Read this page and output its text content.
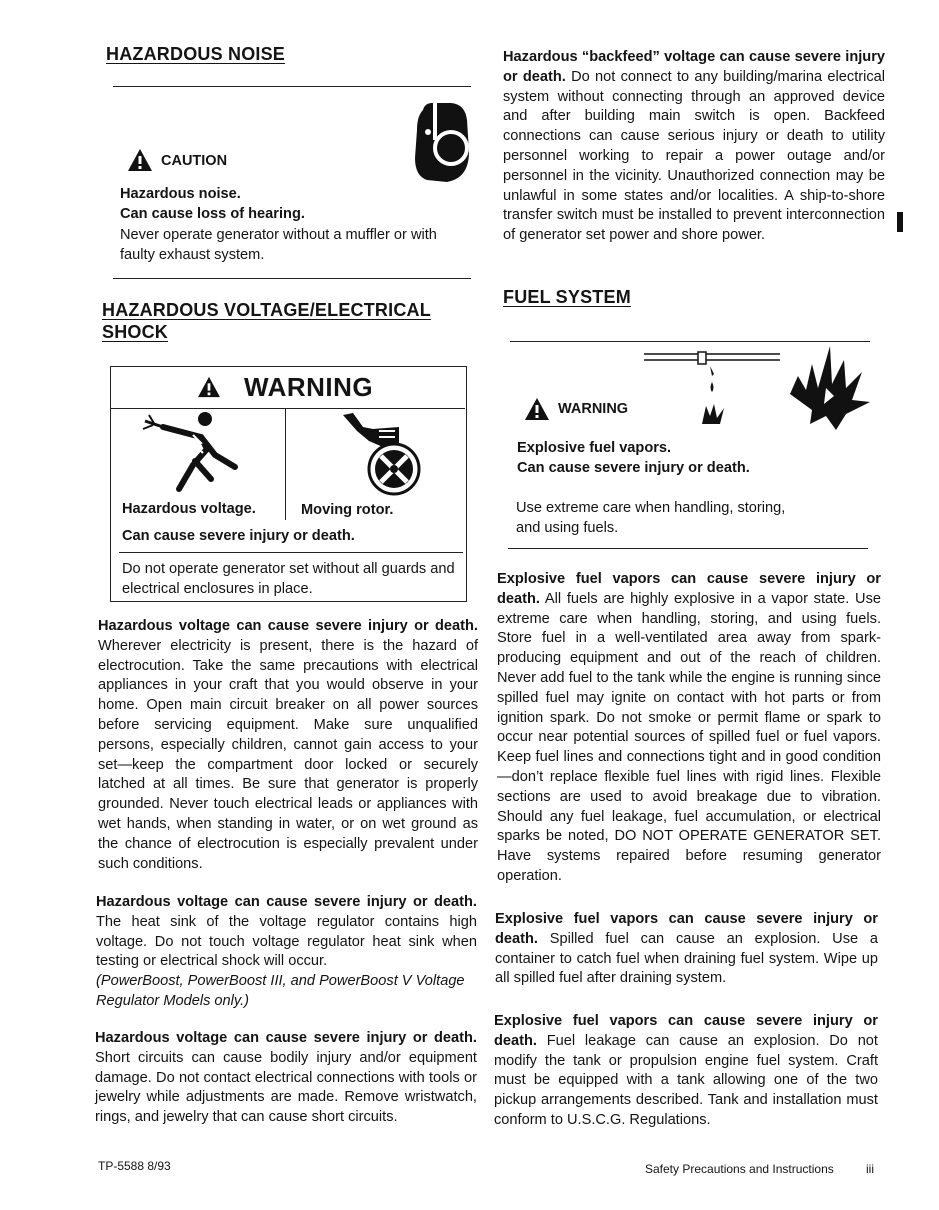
HAZARDOUS NOISE
CAUTION
Hazardous noise.
Can cause loss of hearing.
Never operate generator without a muffler or with faulty exhaust system.
HAZARDOUS VOLTAGE/ELECTRICAL
SHOCK
WARNING
Hazardous voltage.	Moving rotor.
Can cause severe injury or death.
Do not operate generator set without all guards and electrical enclosures in place.
Hazardous voltage can cause severe injury or death. Wherever electricity is present, there is the hazard of electrocution. Take the same precautions with electrical appliances in your craft that you would observe in your home. Open main circuit breaker on all power sources before servicing equipment. Make sure unqualified persons, especially children, cannot gain access to your set—keep the compartment door locked or securely latched at all times. Be sure that generator is properly grounded. Never touch electrical leads or appliances with wet hands, when standing in water, or on wet ground as the chance of electrocution is especially prevalent under such conditions.
Hazardous voltage can cause severe injury or death. The heat sink of the voltage regulator contains high voltage. Do not touch voltage regulator heat sink when testing or electrical shock will occur.
(PowerBoost, PowerBoost III, and PowerBoost V Voltage Regulator Models only.)
Hazardous voltage can cause severe injury or death. Short circuits can cause bodily injury and/or equipment damage. Do not contact electrical connections with tools or jewelry while adjustments are made. Remove wristwatch, rings, and jewelry that can cause short circuits.
Hazardous “backfeed” voltage can cause severe injury or death. Do not connect to any building/marina electrical system without connecting through an approved device and after building main switch is open. Backfeed connections can cause serious injury or death to utility personnel working to repair a power outage and/or personnel in the vicinity. Unauthorized connection may be unlawful in some states and/or localities. A ship-to-shore transfer switch must be installed to prevent interconnection of generator set power and shore power.
FUEL SYSTEM
WARNING
Explosive fuel vapors.
Can cause severe injury or death.
Use extreme care when handling, storing, and using fuels.
Explosive fuel vapors can cause severe injury or death. All fuels are highly explosive in a vapor state. Use extreme care when handling, storing, and using fuels. Store fuel in a well-ventilated area away from spark-producing equipment and out of the reach of children. Never add fuel to the tank while the engine is running since spilled fuel may ignite on contact with hot parts or from ignition spark. Do not smoke or permit flame or spark to occur near potential sources of spilled fuel or fuel vapors. Keep fuel lines and connections tight and in good condition—don’t replace flexible fuel lines with rigid lines. Flexible sections are used to avoid breakage due to vibration. Should any fuel leakage, fuel accumulation, or electrical sparks be noted, DO NOT OPERATE GENERATOR SET. Have systems repaired before resuming generator operation.
Explosive fuel vapors can cause severe injury or death. Spilled fuel can cause an explosion. Use a container to catch fuel when draining fuel system. Wipe up all spilled fuel after draining system.
Explosive fuel vapors can cause severe injury or death. Fuel leakage can cause an explosion. Do not modify the tank or propulsion engine fuel system. Craft must be equipped with a tank allowing one of the two pickup arrangements described. Tank and installation must conform to U.S.C.G. Regulations.
TP-5588 8/93	Safety Precautions and Instructions	iii
